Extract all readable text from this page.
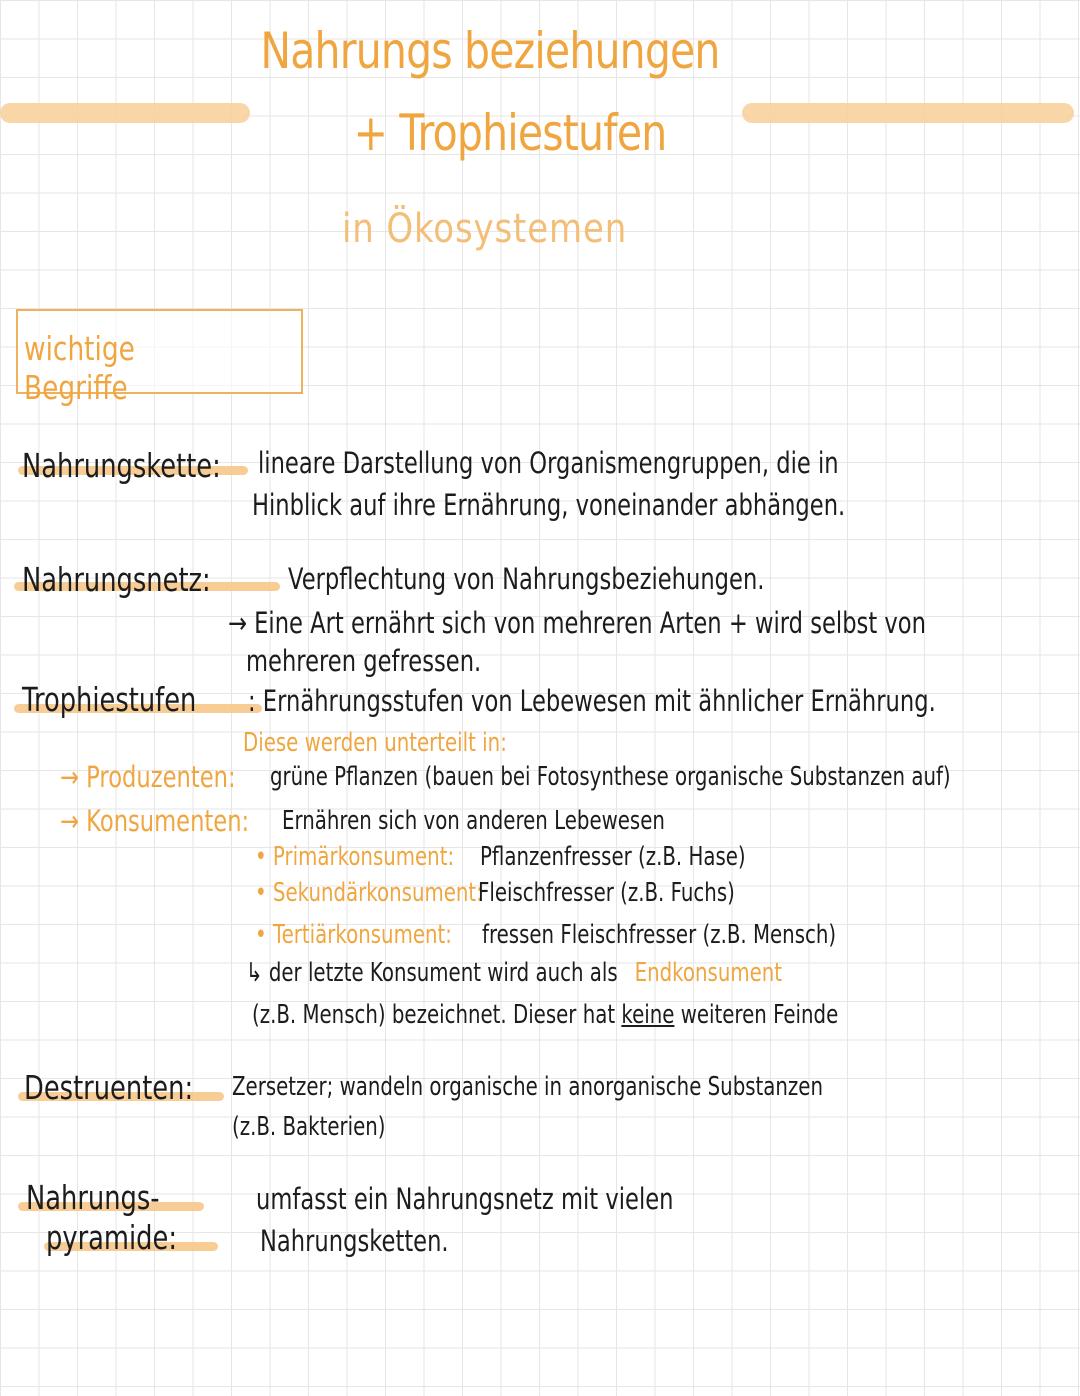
Nahrungs beziehungen
+ Trophiestufen
in Ökosystemen
wichtige Begriffe
Nahrungskette: lineare Darstellung von Organismengruppen, die in
Hinblick auf ihre Ernährung, voneinander abhängen.
Nahrungsnetz:	Verpflechtung von Nahrungsbeziehungen.
→ Eine Art ernährt sich von mehreren Arten + wird selbst von
mehreren gefressen.
Trophiestufen : Ernährungsstufen von Lebewesen mit ähnlicher Ernährung.
Diese werden unterteilt in:
→ Produzenten: grüne Pflanzen (bauen bei Fotosynthese organische Substanzen auf)
→ Konsumenten: Ernähren sich von anderen Lebewesen
• Primärkonsument: Pflanzenfresser (z.B. Hase)
• Sekundärkonsument:
Fleischfresser (z.B. Fuchs)
• Tertiärkonsument: fressen Fleischfresser (z.B. Mensch)
↳ der letzte Konsument wird auch als Endkonsument
(z.B. Mensch) bezeichnet. Dieser hat keine weiteren Feinde
Destruenten: Zersetzer; wandeln organische in anorganische Substanzen
(z.B. Bakterien)
Nahrungs-
pyramide:
umfasst ein Nahrungsnetz mit vielen
Nahrungsketten.
